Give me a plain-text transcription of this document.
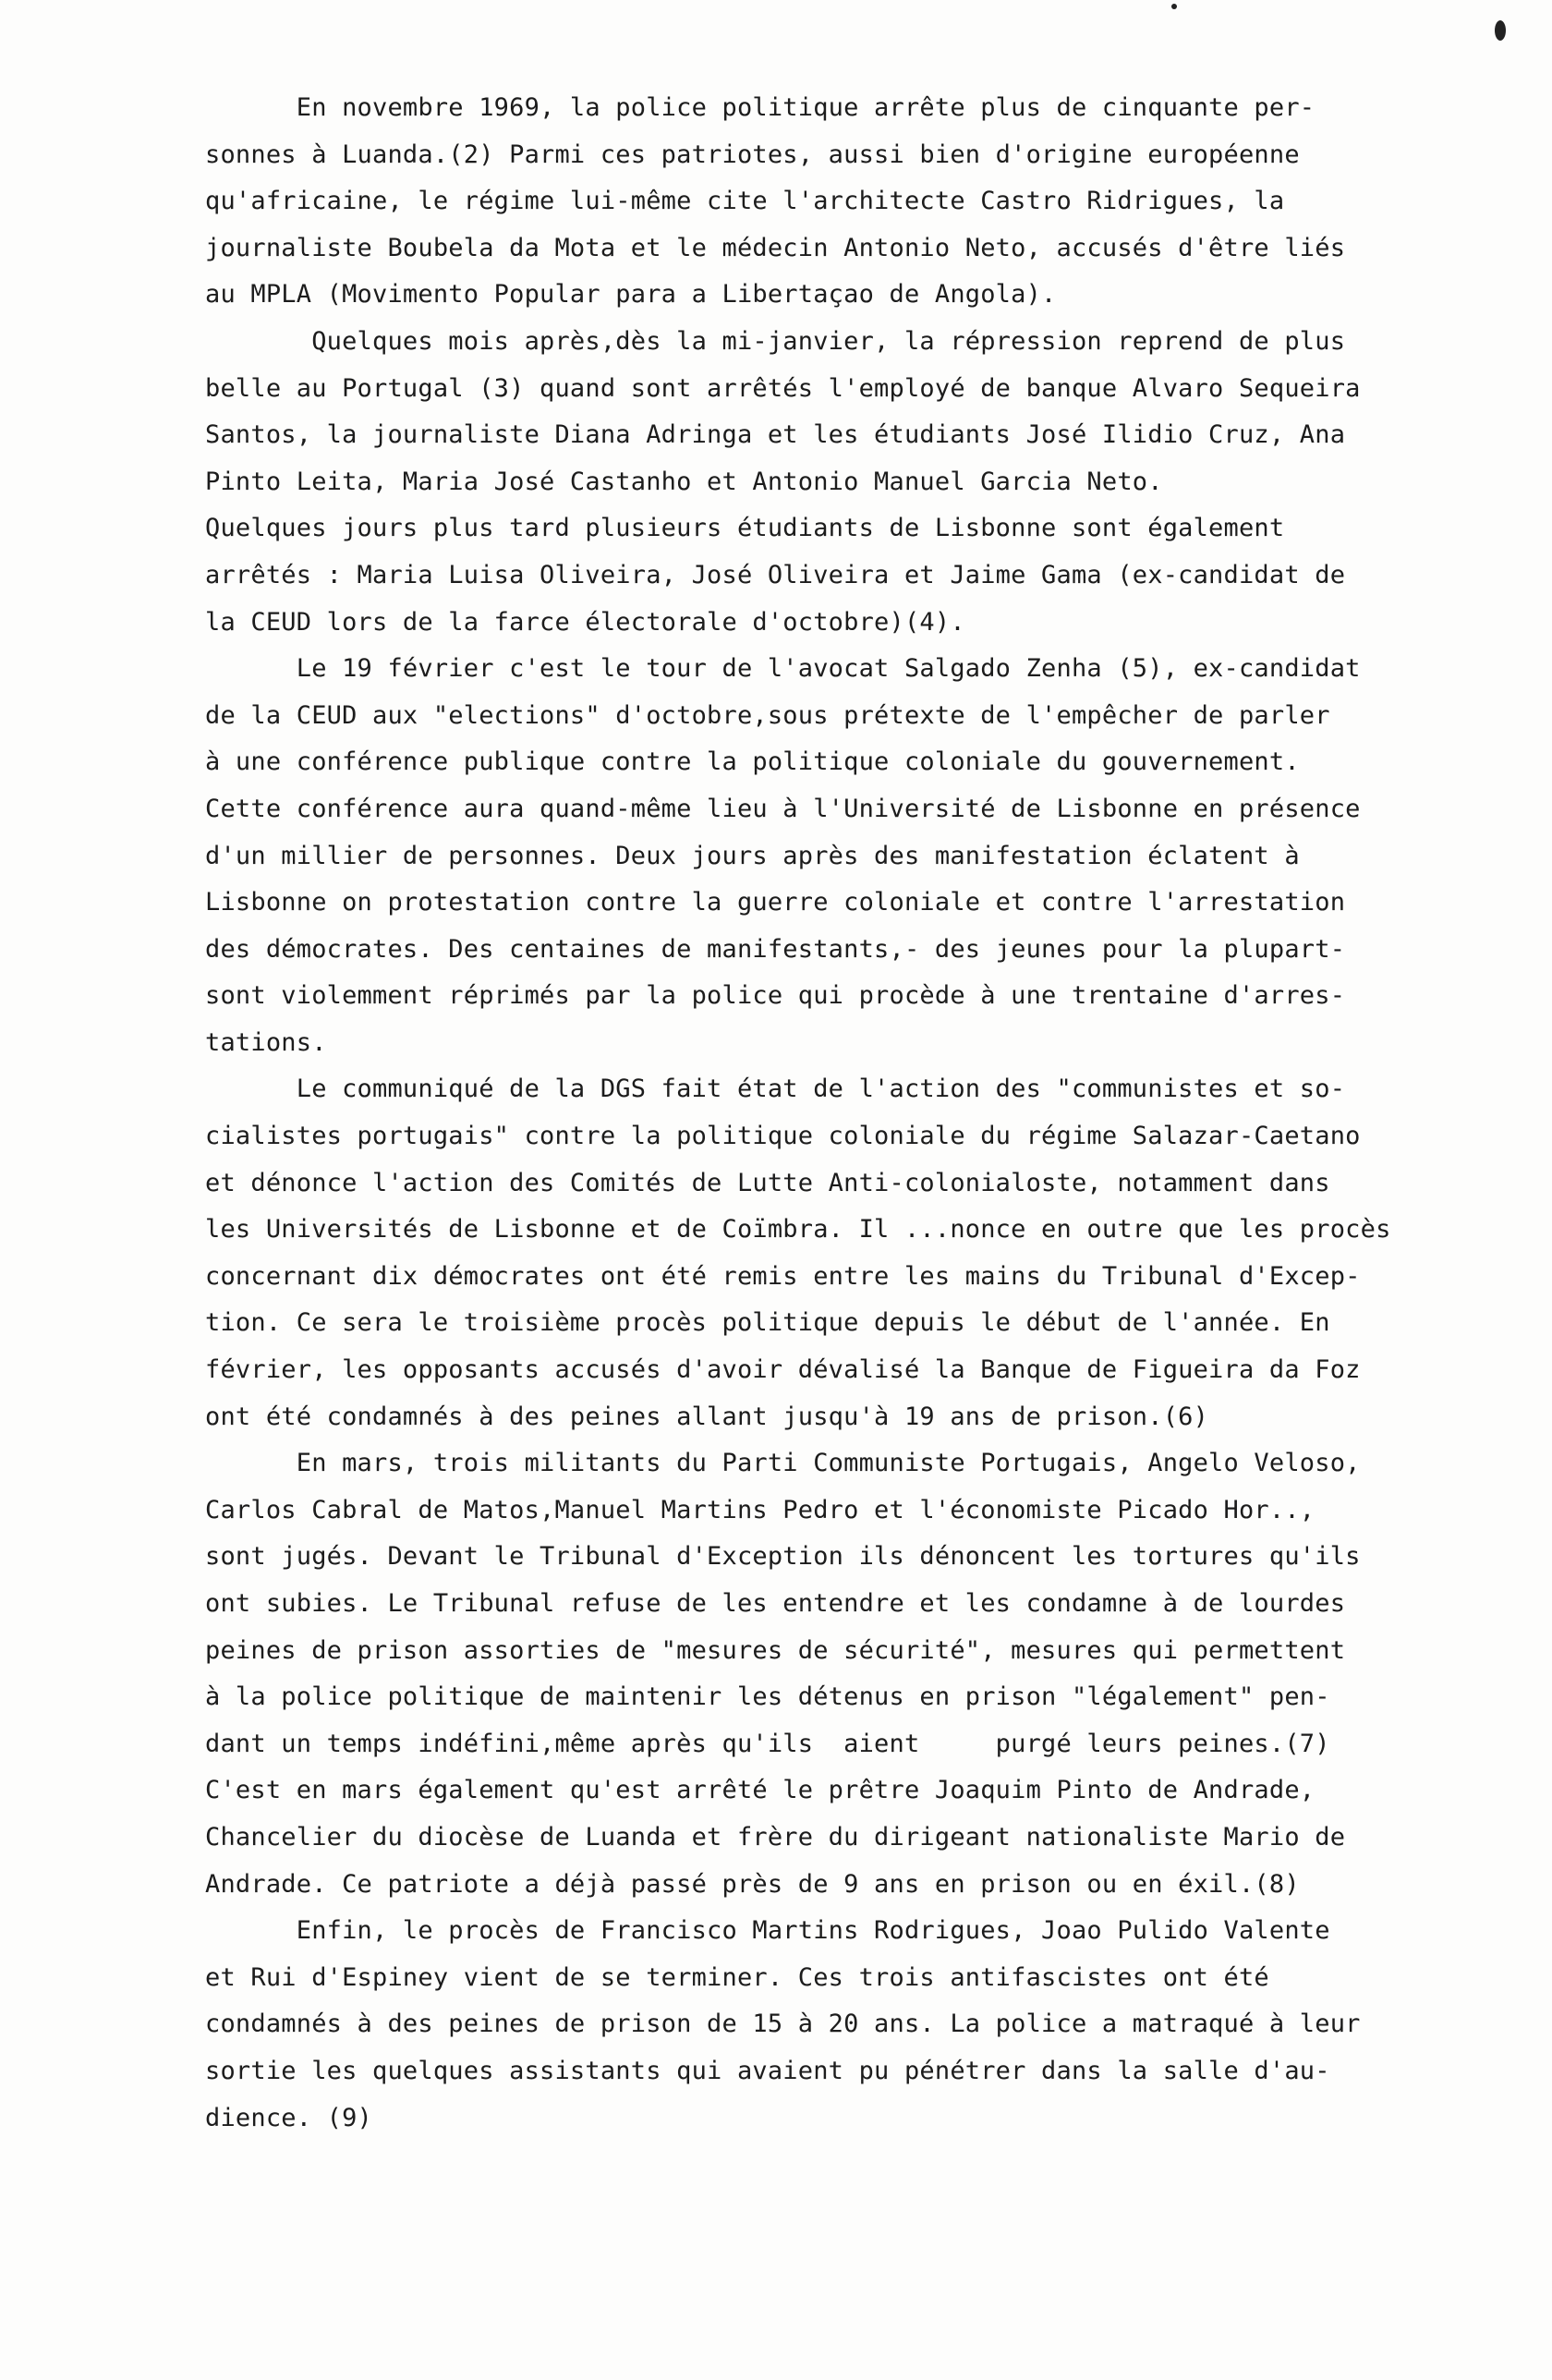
En novembre 1969, la police politique arrête plus de cinquante per-
sonnes à Luanda.(2) Parmi ces patriotes, aussi bien d'origine européenne
qu'africaine, le régime lui-même cite l'architecte Castro Ridrigues, la
journaliste Boubela da Mota et le médecin Antonio Neto, accusés d'être liés
au MPLA (Movimento Popular para a Libertaçao de Angola).
Quelques mois après,dès la mi-janvier, la répression reprend de plus
belle au Portugal (3) quand sont arrêtés l'employé de banque Alvaro Sequeira
Santos, la journaliste Diana Adringa et les étudiants José Ilidio Cruz, Ana
Pinto Leita, Maria José Castanho et Antonio Manuel Garcia Neto.
Quelques jours plus tard plusieurs étudiants de Lisbonne sont également
arrêtés : Maria Luisa Oliveira, José Oliveira et Jaime Gama (ex-candidat de
la CEUD lors de la farce électorale d'octobre)(4).
Le 19 février c'est le tour de l'avocat Salgado Zenha (5), ex-candidat
de la CEUD aux "elections" d'octobre,sous prétexte de l'empêcher de parler
à une conférence publique contre la politique coloniale du gouvernement.
Cette conférence aura quand-même lieu à l'Université de Lisbonne en présence
d'un millier de personnes. Deux jours après des manifestation éclatent à
Lisbonne on protestation contre la guerre coloniale et contre l'arrestation
des démocrates. Des centaines de manifestants,- des jeunes pour la plupart-
sont violemment réprimés par la police qui procède à une trentaine d'arres-
tations.
Le communiqué de la DGS fait état de l'action des "communistes et so-
cialistes portugais" contre la politique coloniale du régime Salazar-Caetano
et dénonce l'action des Comités de Lutte Anti-colonialoste, notamment dans
les Universités de Lisbonne et de Coïmbra. Il ...nonce en outre que les procès
concernant dix démocrates ont été remis entre les mains du Tribunal d'Excep-
tion. Ce sera le troisième procès politique depuis le début de l'année. En
février, les opposants accusés d'avoir dévalisé la Banque de Figueira da Foz
ont été condamnés à des peines allant jusqu'à 19 ans de prison.(6)
En mars, trois militants du Parti Communiste Portugais, Angelo Veloso,
Carlos Cabral de Matos,Manuel Martins Pedro et l'économiste Picado Hor..,
sont jugés. Devant le Tribunal d'Exception ils dénoncent les tortures qu'ils
ont subies. Le Tribunal refuse de les entendre et les condamne à de lourdes
peines de prison assorties de "mesures de sécurité", mesures qui permettent
à la police politique de maintenir les détenus en prison "légalement" pen-
dant un temps indéfini,même après qu'ils  aient     purgé leurs peines.(7)
C'est en mars également qu'est arrêté le prêtre Joaquim Pinto de Andrade,
Chancelier du diocèse de Luanda et frère du dirigeant nationaliste Mario de
Andrade. Ce patriote a déjà passé près de 9 ans en prison ou en éxil.(8)
Enfin, le procès de Francisco Martins Rodrigues, Joao Pulido Valente
et Rui d'Espiney vient de se terminer. Ces trois antifascistes ont été
condamnés à des peines de prison de 15 à 20 ans. La police a matraqué à leur
sortie les quelques assistants qui avaient pu pénétrer dans la salle d'au-
dience. (9)
